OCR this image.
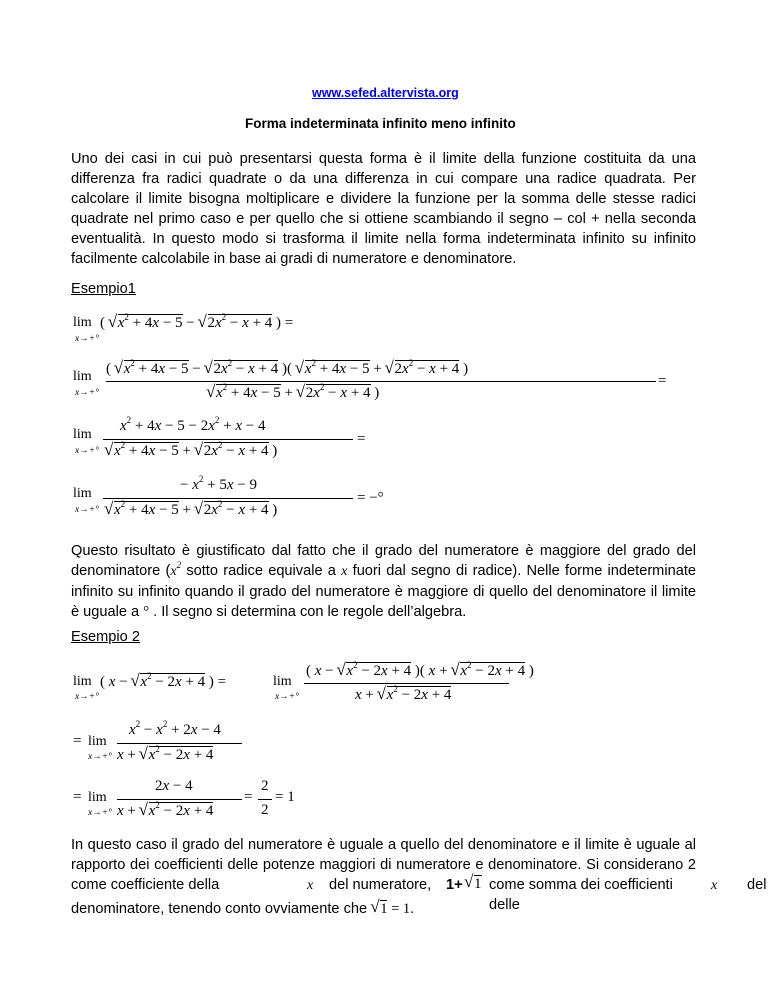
www.sefed.altervista.org
Forma indeterminata infinito meno infinito
Uno dei casi in cui può presentarsi questa forma è il limite della funzione costituita da una differenza fra radici quadrate o da una differenza in cui compare una radice quadrata. Per calcolare il limite bisogna moltiplicare e dividere la funzione per la somma delle stesse radici quadrate nel primo caso e per quello che si ottiene scambiando il segno – col + nella seconda eventualità. In questo modo si trasforma il limite nella forma indeterminata infinito su infinito facilmente calcolabile in base ai gradi di numeratore e denominatore.
Esempio1
lim
x→+°
( √ $x^2 + 4x - 5$ − √ $2x^2 - x + 4$ ) =
lim
x→+°
( √ $x^2 + 4x - 5$ − √ $2x^2 - x + 4$ )( √ $x^2 + 4x - 5$ + √ $2x^2 - x + 4$ )
√ $x^2 + 4x - 5$ + √ $2x^2 - x + 4$ )
=
lim
x→+°
$x^2 + 4x - 5 - 2x^2 + x - 4$
√ $x^2 + 4x - 5$ + √ $2x^2 - x + 4$ )
=
lim
x→+°
− $x^2 + 5x - 9$
√ $x^2 + 4x - 5$ + √ $2x^2 - x + 4$ )
= −°
Questo risultato è giustificato dal fatto che il grado del numeratore è maggiore del grado del denominatore ($x^2$ sotto radice equivale a x fuori dal segno di radice). Nelle forme indeterminate infinito su infinito quando il grado del numeratore è maggiore di quello del denominatore il limite è uguale a ° . Il segno si determina con le regole dell’algebra.
Esempio 2
lim
x→+°
( x − √ $x^2 - 2x + 4$ ) =	lim
x→+°
( x − √ $x^2 - 2x + 4$ )( x + √ $x^2 - 2x + 4$ )
x + √ $x^2 - 2x + 4$
= lim
x→+°
$x^2 - x^2 + 2x - 4$
x + √ $x^2 - 2x + 4$
= lim
x→+°
2x − 4
x + √ $x^2 - 2x + 4$
=
2
2
= 1
In questo caso il grado del numeratore è uguale a quello del denominatore e il limite è uguale al rapporto dei coefficienti delle potenze maggiori di numeratore e denominatore. Si considerano 2 come coefficiente della	x del numeratore, 1+ √ 1 come somma dei coefficienti delle
x del
denominatore, tenendo conto ovviamente che √ 1 = 1.
